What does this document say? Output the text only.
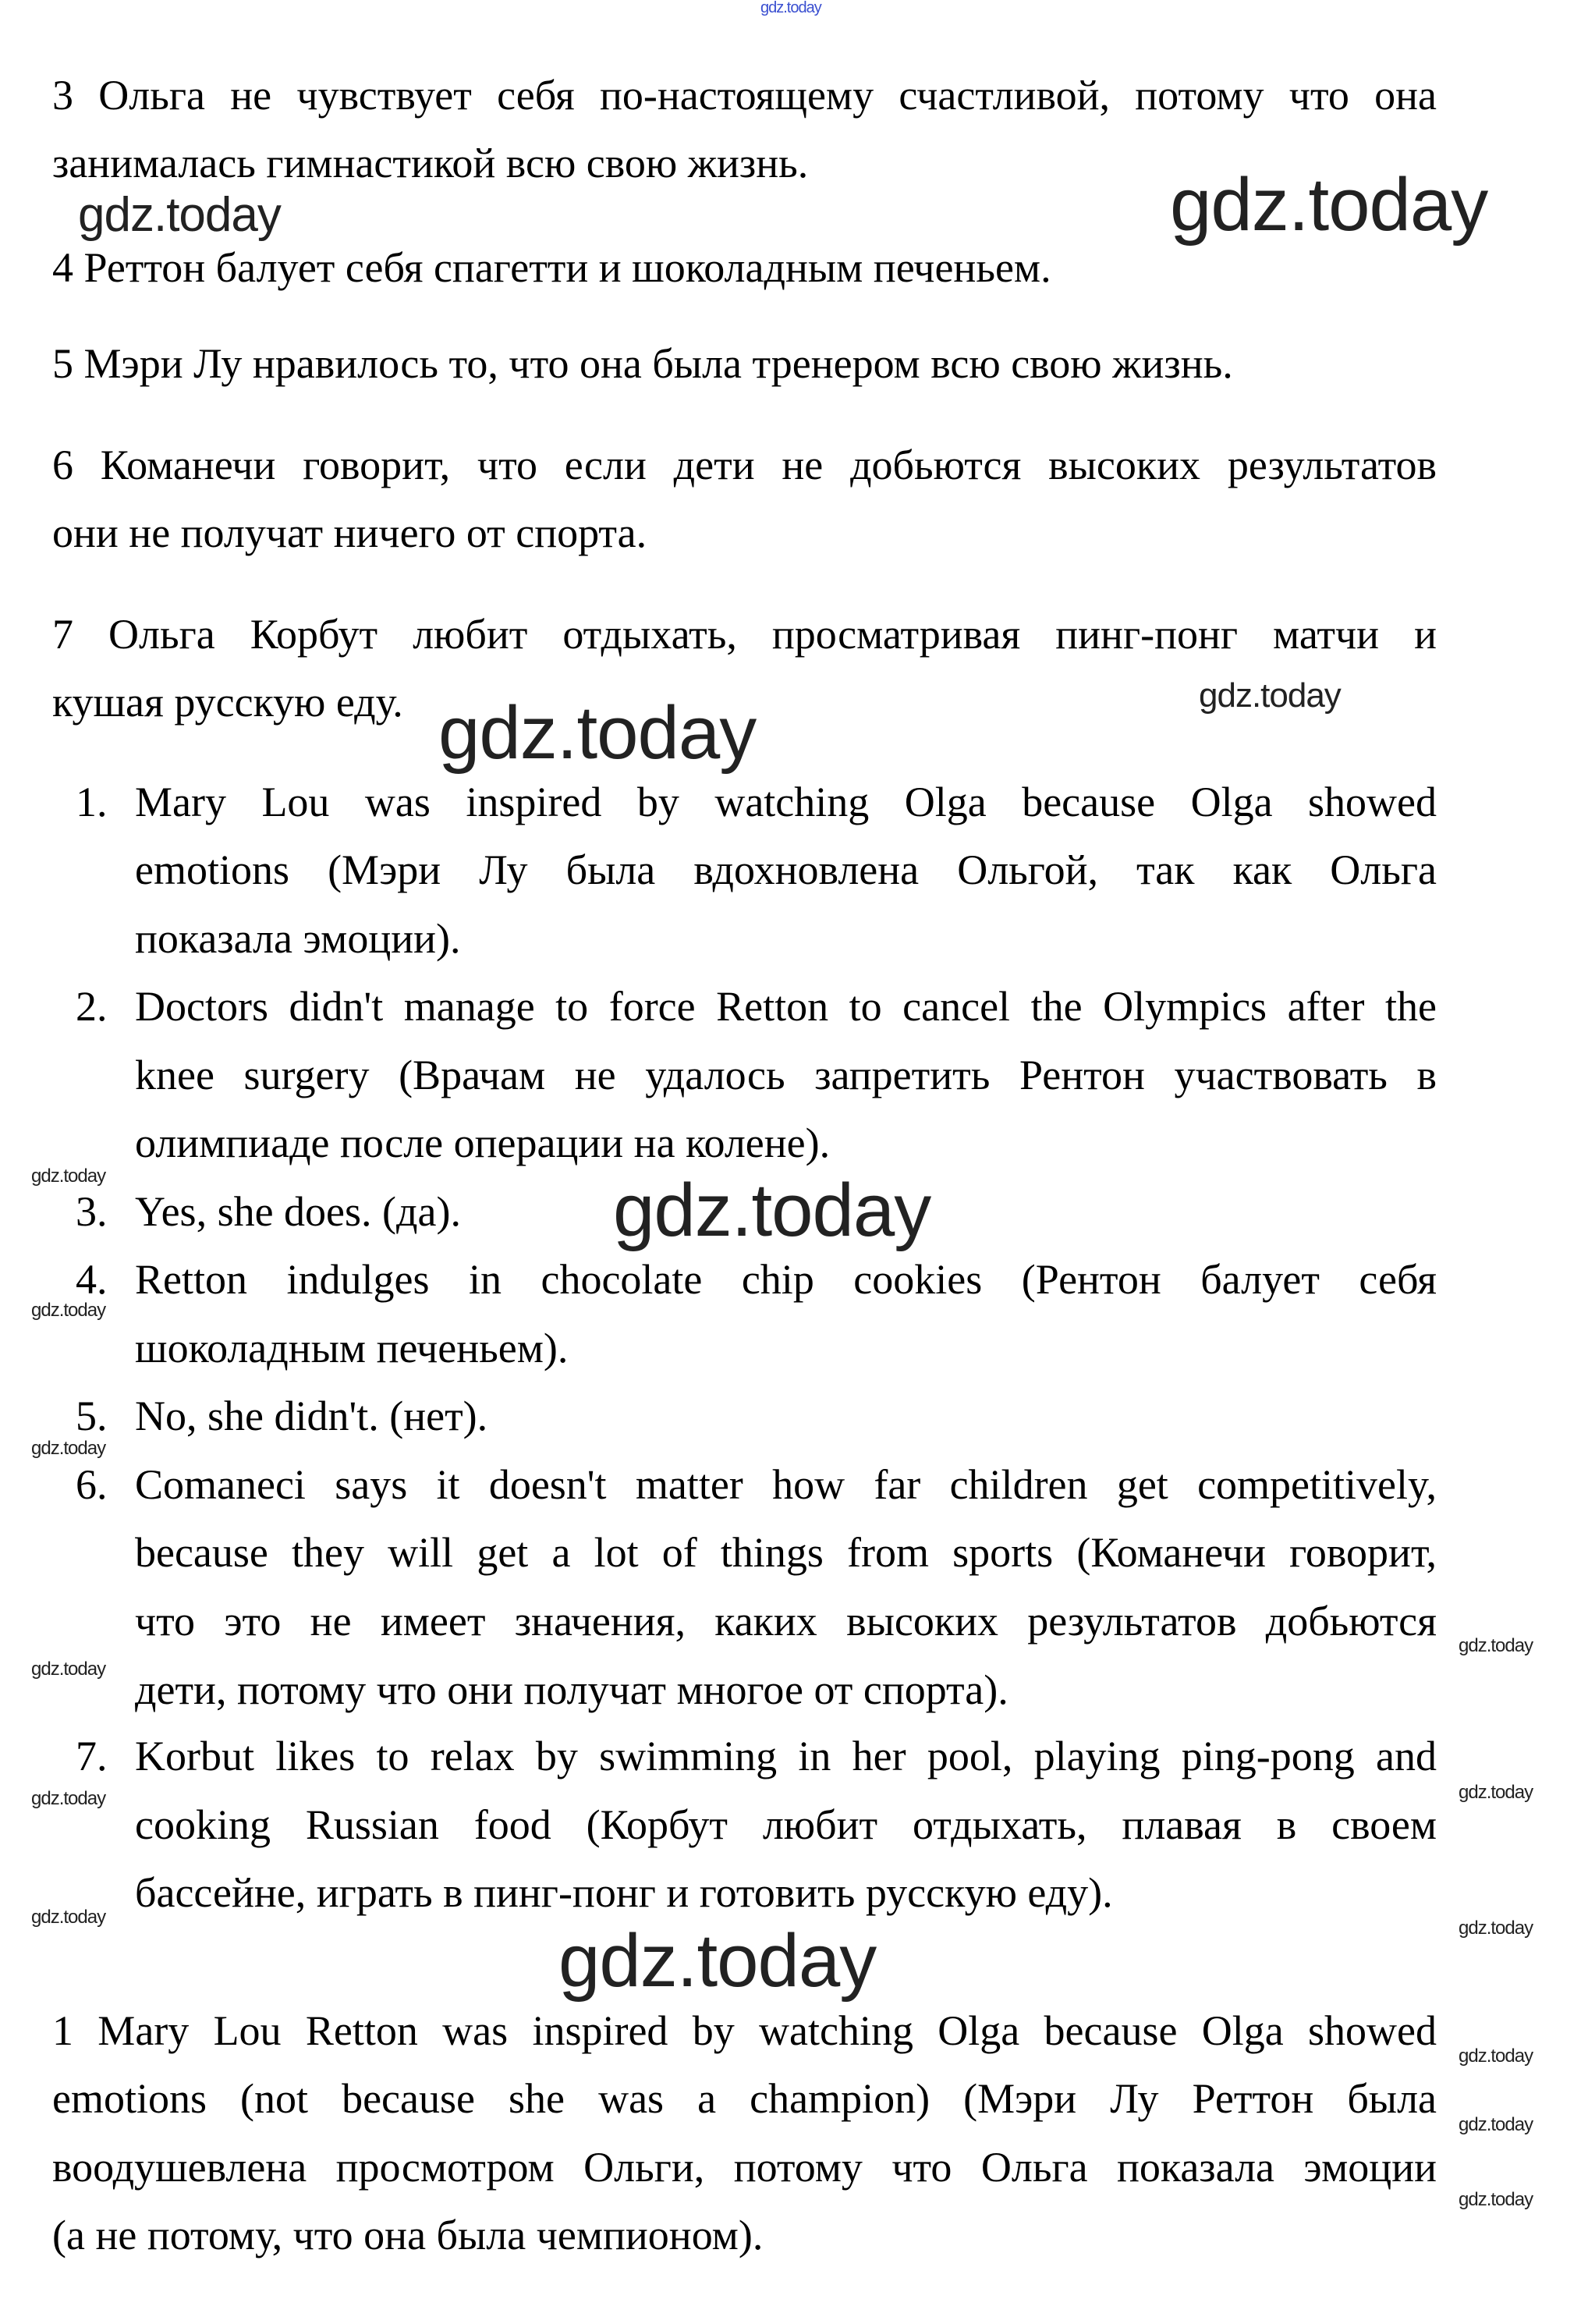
gdz.today
gdz.today	gdz.today
gdz.today
gdz.today
gdz.today	gdz.today
gdz.today
gdz.today
gdz.today
gdz.today
gdz.today	gdz.today
gdz.today
gdz.today
gdz.today
gdz.today
gdz.today
gdz.today
3 Ольга не чувствует себя по-настоящему счастливой, потому что она
занималась гимнастикой всю свою жизнь.
4 Реттон балует себя спагетти и шоколадным печеньем.
5 Мэри Лу нравилось то, что она была тренером всю свою жизнь.
6 Команечи говорит, что если дети не добьются высоких результатов
они не получат ничего от спорта.
7 Ольга Корбут любит отдыхать, просматривая пинг-понг матчи и
кушая русскую еду.
1. Mary Lou was inspired by watching Olga because Olga showed
emotions (Мэри Лу была вдохновлена Ольгой, так как Ольга
показала эмоции).
2. Doctors didn't manage to force Retton to cancel the Olympics after the
knee surgery (Врачам не удалось запретить Рентон участвовать в
олимпиаде после операции на колене).
3. Yes, she does. (да).
4. Retton indulges in chocolate chip cookies (Рентон балует себя
шоколадным печеньем).
5. No, she didn't. (нет).
6. Comaneci says it doesn't matter how far children get competitively,
because they will get a lot of things from sports (Команечи говорит,
что это не имеет значения, каких высоких результатов добьются
дети, потому что они получат многое от спорта).
7. Korbut likes to relax by swimming in her pool, playing ping-pong and
cooking Russian food (Корбут любит отдыхать, плавая в своем
бассейне, играть в пинг-понг и готовить русскую еду).
1 Mary Lou Retton was inspired by watching Olga because Olga showed
emotions (not because she was a champion) (Мэри Лу Реттон была
воодушевлена просмотром Ольги, потому что Ольга показала эмоции
(а не потому, что она была чемпионом).
